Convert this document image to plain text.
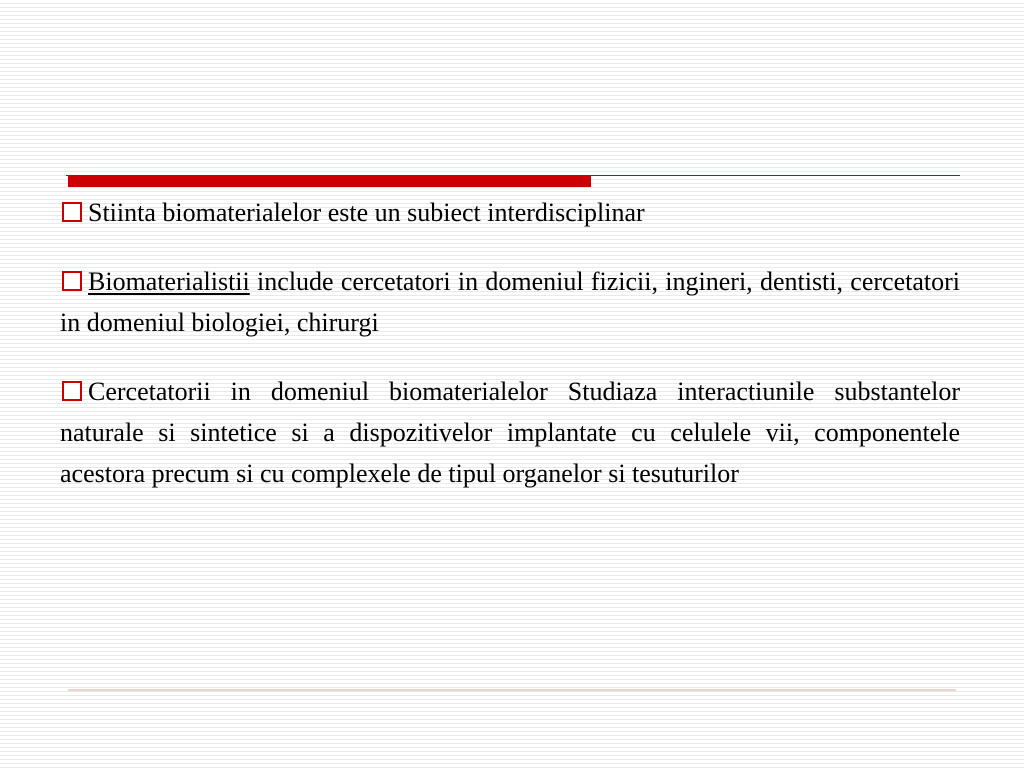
Stiinta biomaterialelor este un subiect interdisciplinar

Biomaterialistii include cercetatori in domeniul fizicii, ingineri, dentisti, cercetatori in domeniul biologiei, chirurgi

Cercetatorii in domeniul biomaterialelor Studiaza interactiunile substantelor naturale si sintetice si a dispozitivelor implantate cu celulele vii, componentele acestora precum si cu complexele de tipul organelor si tesuturilor
